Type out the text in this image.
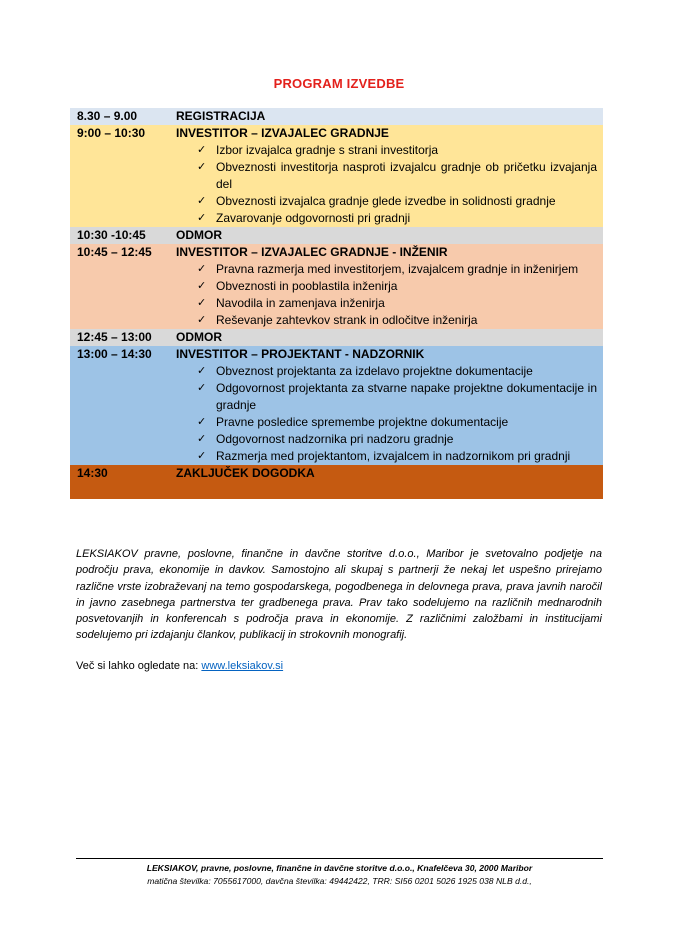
PROGRAM IZVEDBE
8.30 – 9.00	REGISTRACIJA
9:00 – 10:30	INVESTITOR – IZVAJALEC GRADNJE
✓ Izbor izvajalca gradnje s strani investitorja
✓ Obveznosti investitorja nasproti izvajalcu gradnje ob pričetku izvajanja del
✓ Obveznosti izvajalca gradnje glede izvedbe in solidnosti gradnje
✓ Zavarovanje odgovornosti pri gradnji
10:30 -10:45	ODMOR
10:45 – 12:45 INVESTITOR – IZVAJALEC GRADNJE - INŽENIR
✓ Pravna razmerja med investitorjem, izvajalcem gradnje in inženirjem
✓ Obveznosti in pooblastila inženirja
✓ Navodila in zamenjava inženirja
✓ Reševanje zahtevkov strank in odločitve inženirja
12:45 – 13:00 ODMOR
13:00 – 14:30 INVESTITOR – PROJEKTANT - NADZORNIK
✓ Obveznost projektanta za izdelavo projektne dokumentacije
✓ Odgovornost projektanta za stvarne napake projektne dokumentacije in gradnje
✓ Pravne posledice spremembe projektne dokumentacije
✓ Odgovornost nadzornika pri nadzoru gradnje
✓ Razmerja med projektantom, izvajalcem in nadzornikom pri gradnji
14:30	ZAKLJUČEK DOGODKA

LEKSIAKOV pravne, poslovne, finančne in davčne storitve d.o.o., Maribor je svetovalno podjetje na področju prava, ekonomije in davkov. Samostojno ali skupaj s partnerji že nekaj let uspešno prirejamo različne vrste izobraževanj na temo gospodarskega, pogodbenega in delovnega prava, prava javnih naročil in javno zasebnega partnerstva ter gradbenega prava. Prav tako sodelujemo na različnih mednarodnih posvetovanjih in konferencah s področja prava in ekonomije. Z različnimi založbami in institucijami sodelujemo pri izdajanju člankov, publikacij in strokovnih monografij.

Več si lahko ogledate na: www.leksiakov.si

LEKSIAKOV, pravne, poslovne, finančne in davčne storitve d.o.o., Knafelčeva 30, 2000 Maribor
matična številka: 7055617000, davčna številka: 49442422, TRR: SI56 0201 5026 1925 038 NLB d.d.,
